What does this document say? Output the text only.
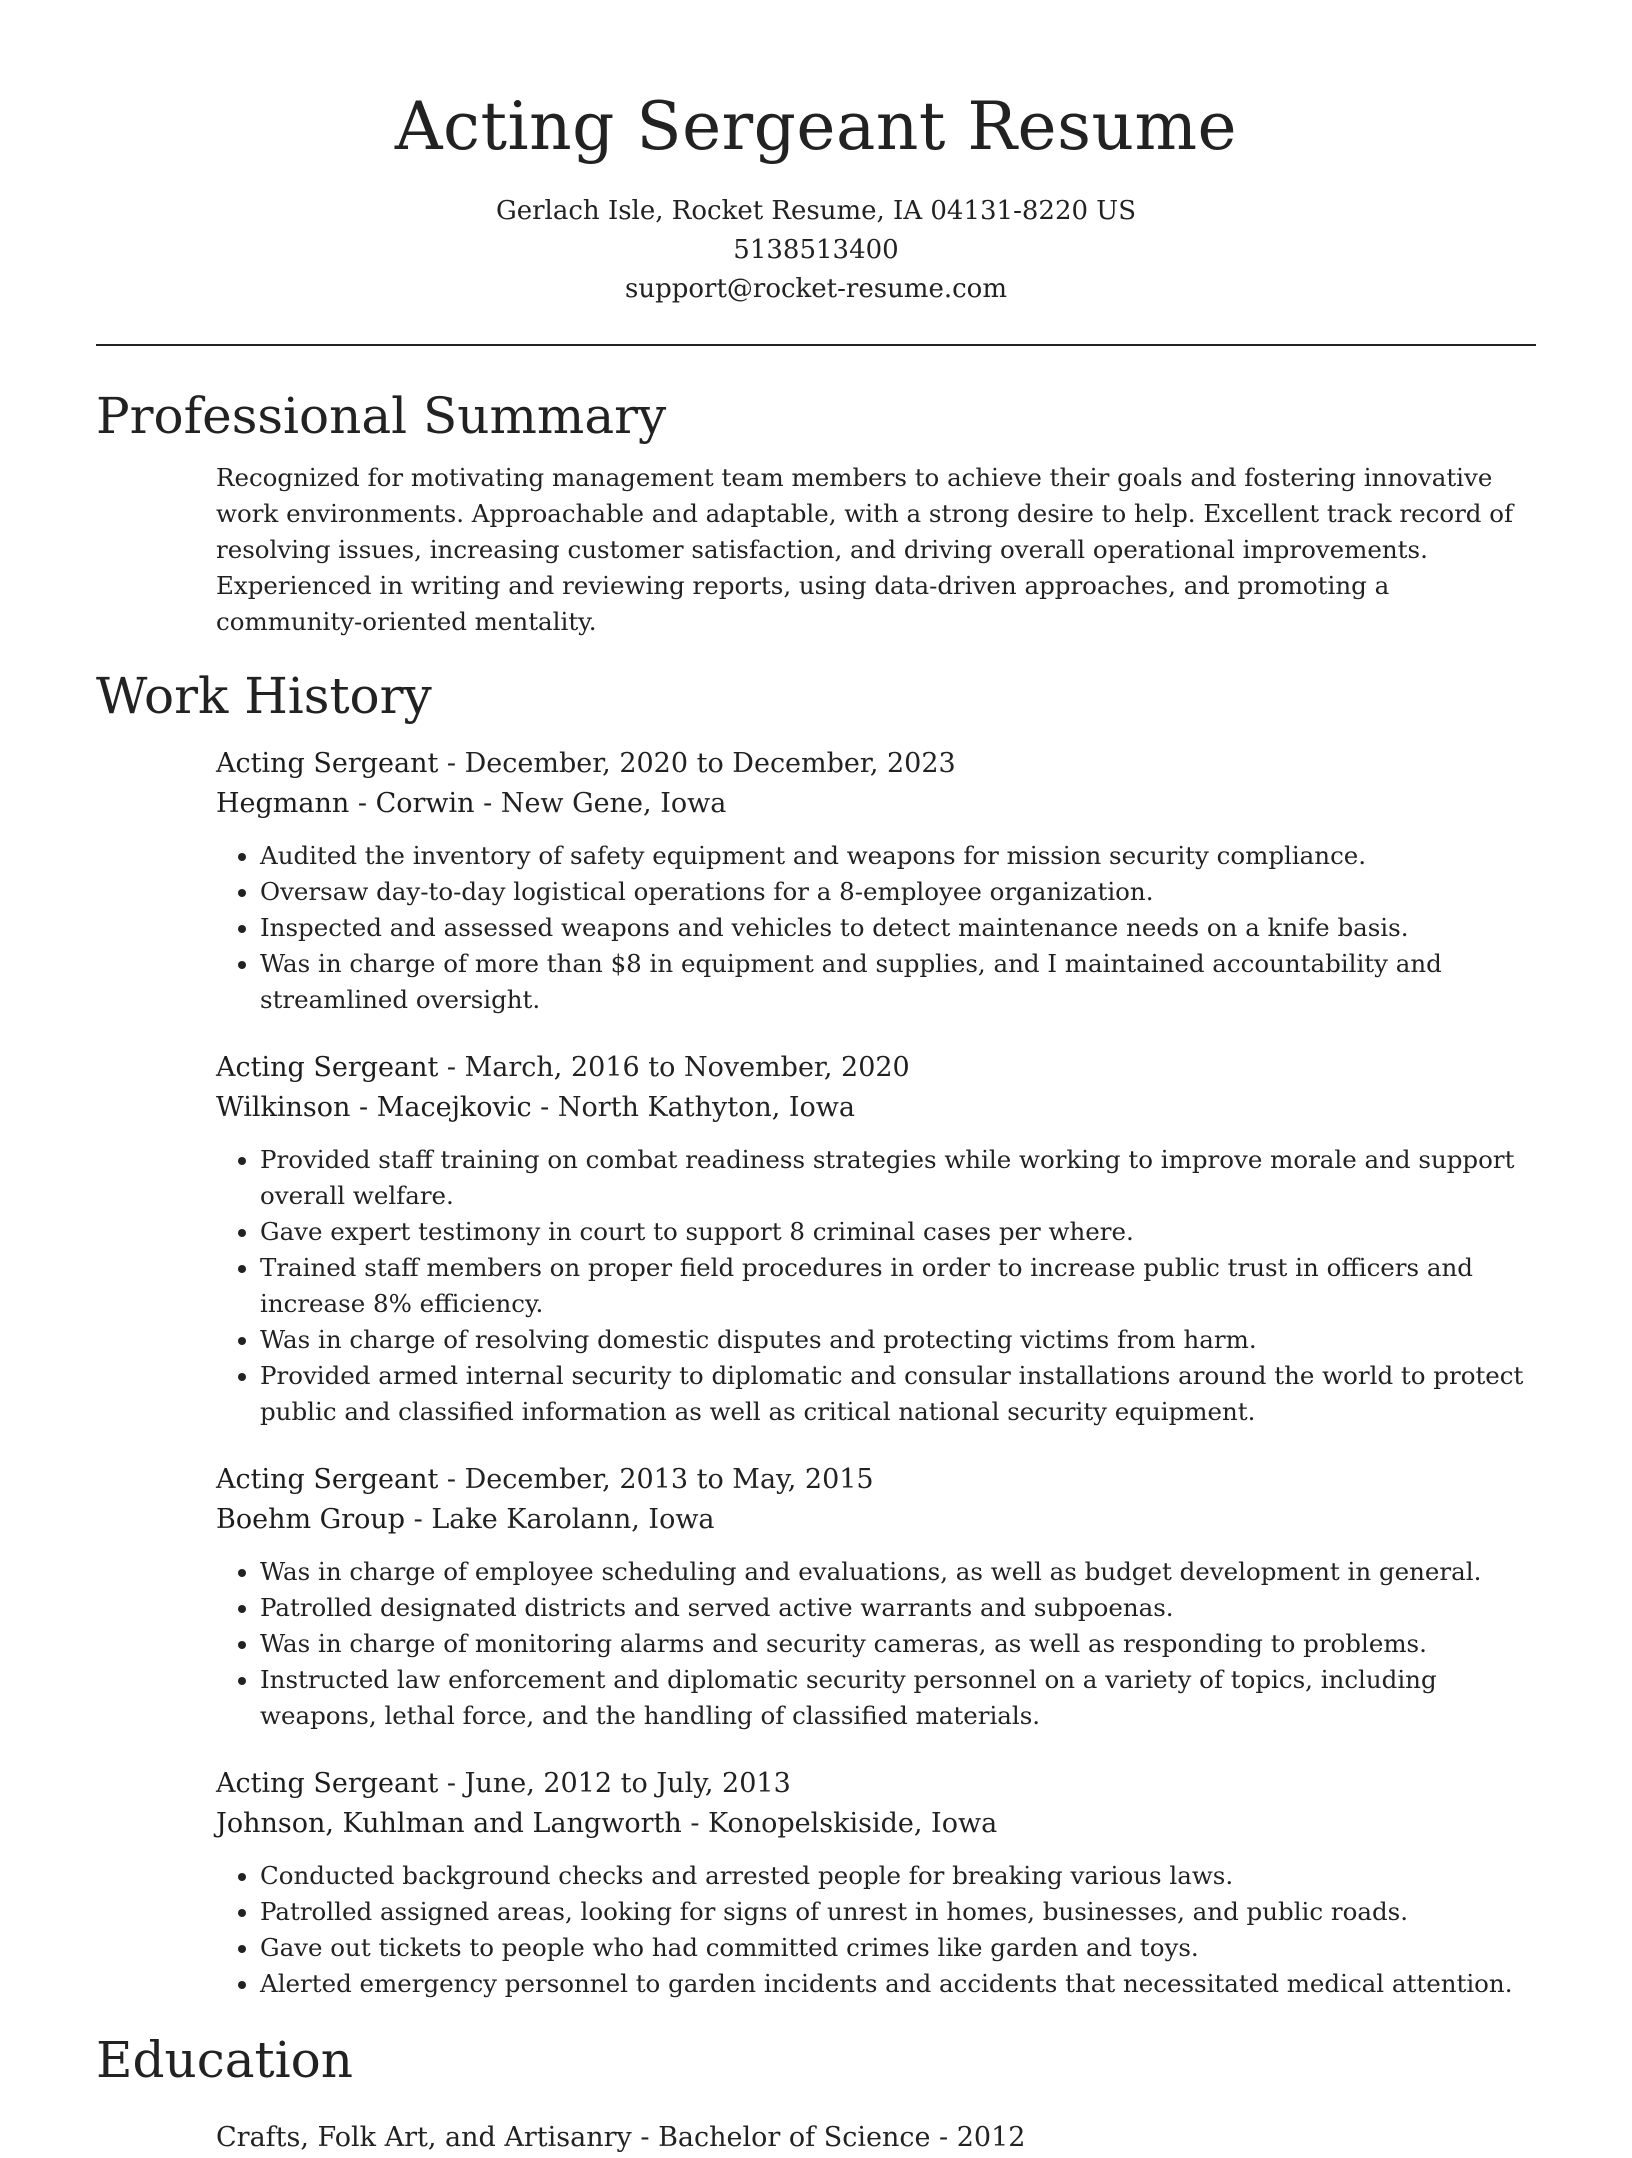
Acting Sergeant Resume
Gerlach Isle, Rocket Resume, IA 04131-8220 US
5138513400
support@rocket-resume.com
Professional Summary

Recognized for motivating management team members to achieve their goals and fostering innovative work environments. Approachable and adaptable, with a strong desire to help. Excellent track record of resolving issues, increasing customer satisfaction, and driving overall operational improvements. Experienced in writing and reviewing reports, using data-driven approaches, and promoting a community-oriented mentality.

Work History
Acting Sergeant - December, 2020 to December, 2023
Hegmann - Corwin - New Gene, Iowa
• Audited the inventory of safety equipment and weapons for mission security compliance.
• Oversaw day-to-day logistical operations for a 8-employee organization.
• Inspected and assessed weapons and vehicles to detect maintenance needs on a knife basis.
• Was in charge of more than $8 in equipment and supplies, and I maintained accountability and streamlined oversight.
Acting Sergeant - March, 2016 to November, 2020
Wilkinson - Macejkovic - North Kathyton, Iowa
• Provided staff training on combat readiness strategies while working to improve morale and support overall welfare.
• Gave expert testimony in court to support 8 criminal cases per where.
• Trained staff members on proper field procedures in order to increase public trust in officers and increase 8% efficiency.
• Was in charge of resolving domestic disputes and protecting victims from harm.
• Provided armed internal security to diplomatic and consular installations around the world to protect public and classified information as well as critical national security equipment.
Acting Sergeant - December, 2013 to May, 2015
Boehm Group - Lake Karolann, Iowa
• Was in charge of employee scheduling and evaluations, as well as budget development in general.
• Patrolled designated districts and served active warrants and subpoenas.
• Was in charge of monitoring alarms and security cameras, as well as responding to problems.
• Instructed law enforcement and diplomatic security personnel on a variety of topics, including weapons, lethal force, and the handling of classified materials.
Acting Sergeant - June, 2012 to July, 2013
Johnson, Kuhlman and Langworth - Konopelskiside, Iowa
• Conducted background checks and arrested people for breaking various laws.
• Patrolled assigned areas, looking for signs of unrest in homes, businesses, and public roads.
• Gave out tickets to people who had committed crimes like garden and toys.
• Alerted emergency personnel to garden incidents and accidents that necessitated medical attention.
Education
Crafts, Folk Art, and Artisanry - Bachelor of Science - 2012
